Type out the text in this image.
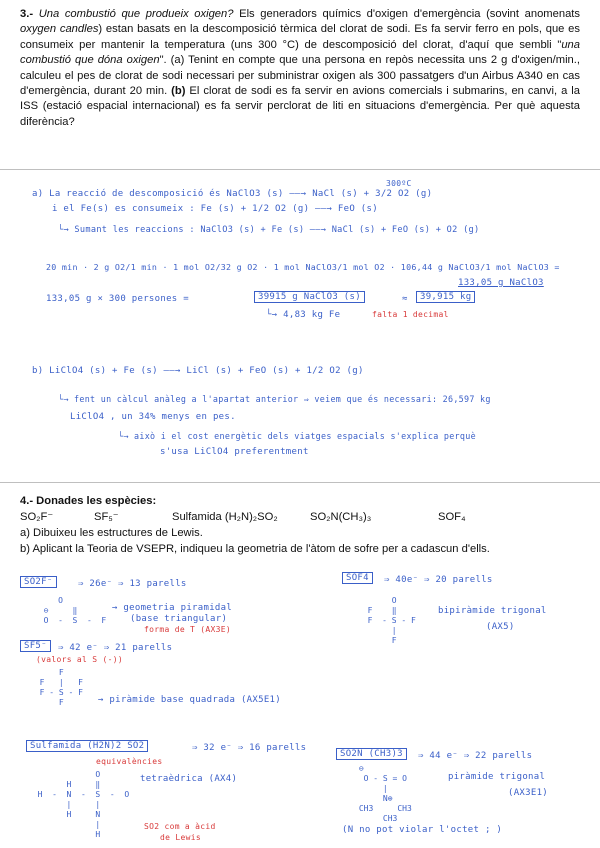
3.- Una combustió que produeix oxigen? Els generadors químics d'oxigen d'emergència (sovint anomenats oxygen candles) estan basats en la descomposició tèrmica del clorat de sodi. Es fa servir ferro en pols, que es consumeix per mantenir la temperatura (uns 300 °C) de descomposició del clorat, d'aquí que sembli "una combustió que dóna oxigen". (a) Tenint en compte que una persona en repòs necessita uns 2 g d'oxigen/min., calculeu el pes de clorat de sodi necessari per subministrar oxigen als 300 passatgers d'un Airbus A340 en cas d'emergència, durant 20 min. (b) El clorat de sodi es fa servir en avions comercials i submarins, en canvi, a la ISS (estació espacial internacional) es fa servir perclorat de liti en situacions d'emergència. Per què aquesta diferència?
300ºC
a) La reacció de descomposició és NaClO3 (s) ——→ NaCl (s) + 3/2 O2 (g)
i el Fe(s) es consumeix : Fe (s) + 1/2 O2 (g) ——→ FeO (s)
└→ Sumant les reaccions : NaClO3 (s) + Fe (s) ——→ NaCl (s) + FeO (s) + O2 (g)
20 min · 2 g O2/1 min · 1 mol O2/32 g O2 · 1 mol NaClO3/1 mol O2 · 106,44 g NaClO3/1 mol NaClO3 =
133,05 g NaClO3
133,05 g × 300 persones =	39915 g NaClO3 (s)	≈	39,915 kg
└→ 4,83 kg Fe	falta 1 decimal
b) LiClO4 (s) + Fe (s) ——→ LiCl (s) + FeO (s) + 1/2 O2 (g)
└→ fent un càlcul anàleg a l'apartat anterior ⇒ veiem que és necessari: 26,597 kg
LiClO4 , un 34% menys en pes.
└→ això i el cost energètic dels viatges espacials s'explica perquè
s'usa LiClO4 preferentment
4.- Donades les espècies:
SO₂F⁻	SF₅⁻	Sulfamida (H₂N)₂SO₂	SO₂N(CH₃)₃	SOF₄
a) Dibuixeu les estructures de Lewis.
b) Aplicant la Teoria de VSEPR, indiqueu la geometria de l'àtom de sofre per a cadascun d'ells.
SO2F⁻	⇒ 26e⁻ ⇒ 13 parells
O
⊖     ‖
O  -  S  -  F

→ geometria piramidal
(base triangular)
forma de T (AX3E)
SOF4	⇒ 40e⁻ ⇒ 20 parells
O
F    ‖
F  - S - F
|
F

bipiràmide trigonal
(AX5)
SF5⁻	⇒ 42 e⁻ ⇒ 21 parells
(valors al S (-))
F
F   |   F
F - S - F
F	→ piràmide base quadrada (AX5E1)
SO2N (CH3)3	⇒ 44 e⁻ ⇒ 22 parells
⊖
O - S = O
|
N⊕
CH3     CH3
CH3

piràmide trigonal
(AX3E1)
(N no pot violar l'octet ; )
Sulfamida (H2N)2 SO2	⇒ 32 e⁻ ⇒ 16 parells
equivalències
O
H     ‖
H  -  N  -  S  -  O
|     |
H     N
|
H

tetraèdrica (AX4)
SO2 com a àcid
de Lewis
